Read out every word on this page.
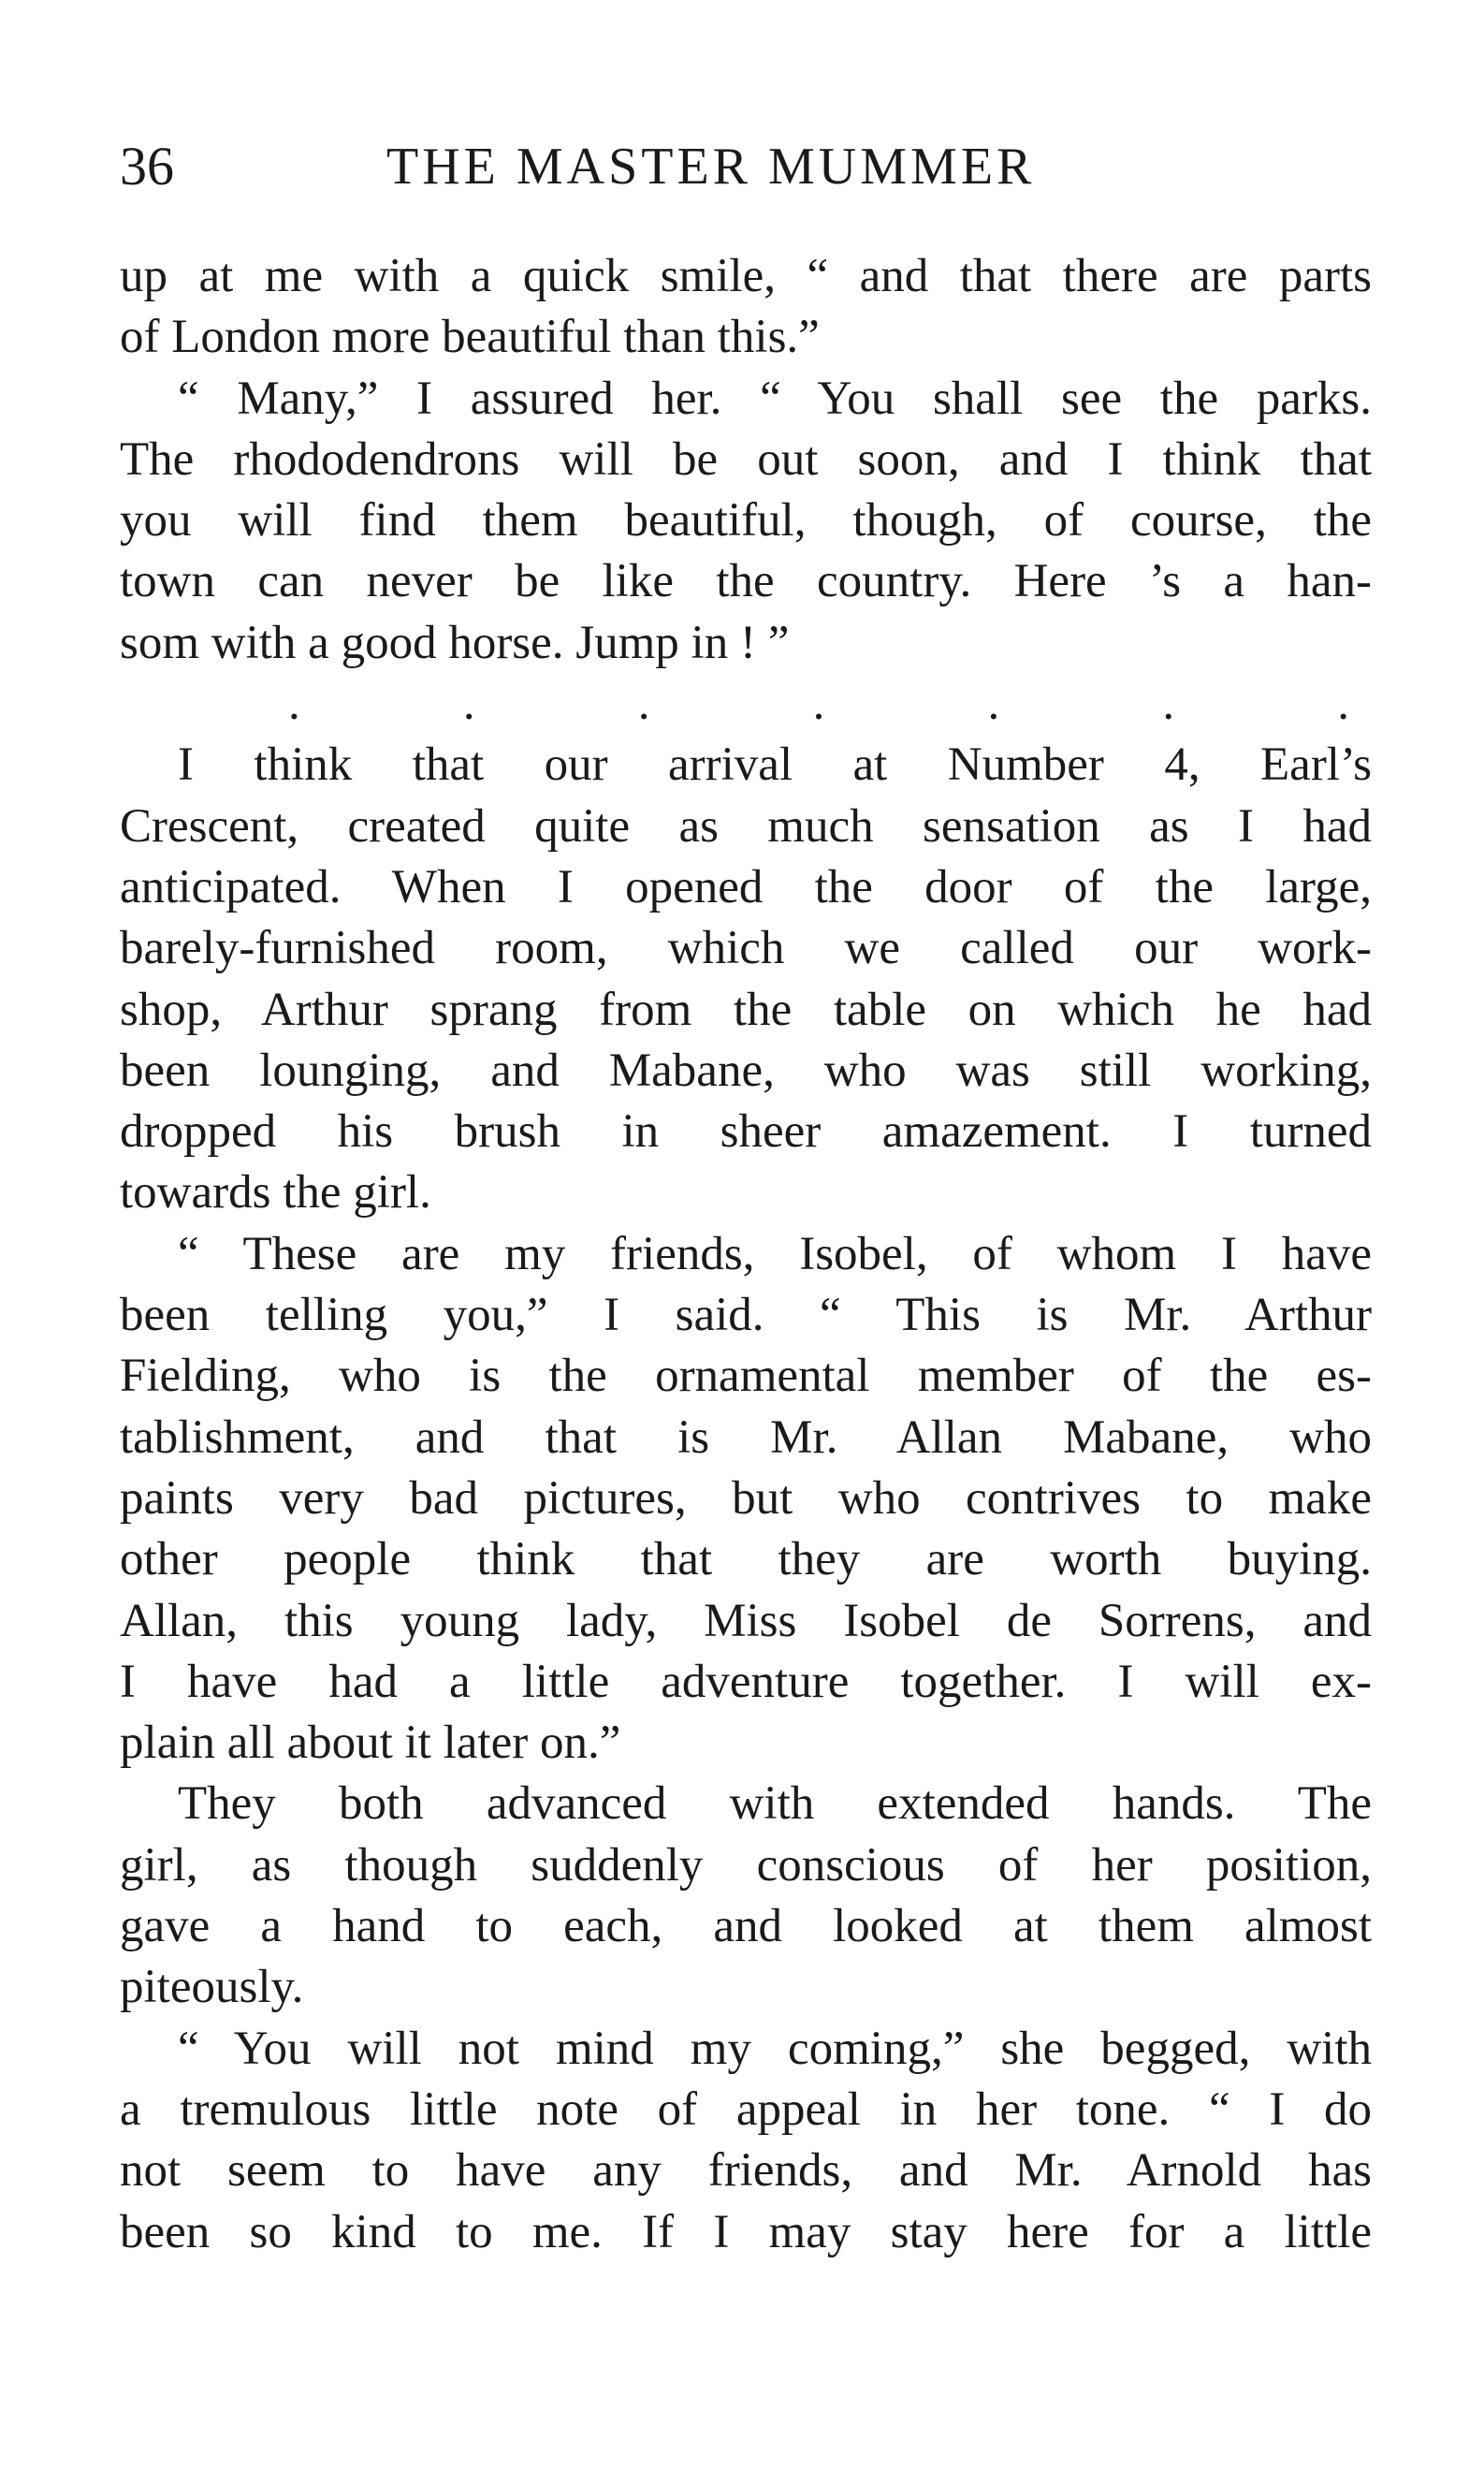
36	THE MASTER MUMMER
up at me with a quick smile, “ and that there are parts
of London more beautiful than this.”
“ Many,” I assured her. “ You shall see the parks.
The rhododendrons will be out soon, and I think that
you will find them beautiful, though, of course, the
town can never be like the country. Here ’s a han-
som with a good horse. Jump in ! ”
.	.	.	.	.	.	.
I think that our arrival at Number 4, Earl’s
Crescent, created quite as much sensation as I had
anticipated. When I opened the door of the large,
barely-furnished room, which we called our work-
shop, Arthur sprang from the table on which he had
been lounging, and Mabane, who was still working,
dropped his brush in sheer amazement. I turned
towards the girl.
“ These are my friends, Isobel, of whom I have
been telling you,” I said. “ This is Mr. Arthur
Fielding, who is the ornamental member of the es-
tablishment, and that is Mr. Allan Mabane, who
paints very bad pictures, but who contrives to make
other people think that they are worth buying.
Allan, this young lady, Miss Isobel de Sorrens, and
I have had a little adventure together. I will ex-
plain all about it later on.”
They both advanced with extended hands. The
girl, as though suddenly conscious of her position,
gave a hand to each, and looked at them almost
piteously.
“ You will not mind my coming,” she begged, with
a tremulous little note of appeal in her tone. “ I do
not seem to have any friends, and Mr. Arnold has
been so kind to me. If I may stay here for a little
